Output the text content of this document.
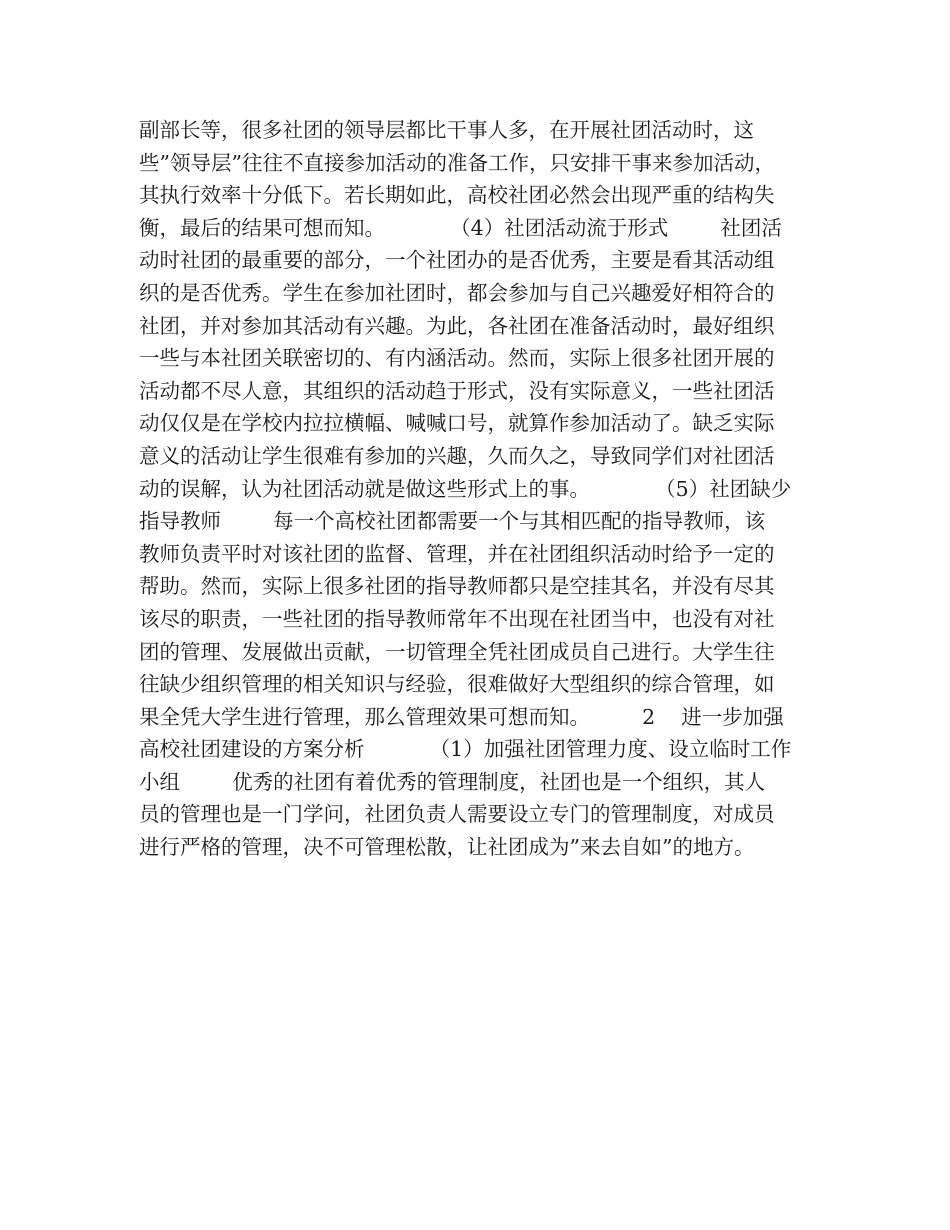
副部长等，很多社团的领导层都比干事人多，在开展社团活动时，这
些”领导层”往往不直接参加活动的准备工作，只安排干事来参加活动，
其执行效率十分低下。若长期如此，高校社团必然会出现严重的结构失
衡，最后的结果可想而知。          （4）社团活动流于形式        社团活
动时社团的最重要的部分，一个社团办的是否优秀，主要是看其活动组
织的是否优秀。学生在参加社团时，都会参加与自己兴趣爱好相符合的
社团，并对参加其活动有兴趣。为此，各社团在准备活动时，最好组织
一些与本社团关联密切的、有内涵活动。然而，实际上很多社团开展的
活动都不尽人意，其组织的活动趋于形式，没有实际意义，一些社团活
动仅仅是在学校内拉拉横幅、喊喊口号，就算作参加活动了。缺乏实际
意义的活动让学生很难有参加的兴趣，久而久之，导致同学们对社团活
动的误解，认为社团活动就是做这些形式上的事。          （5）社团缺少
指导教师        每一个高校社团都需要一个与其相匹配的指导教师，该
教师负责平时对该社团的监督、管理，并在社团组织活动时给予一定的
帮助。然而，实际上很多社团的指导教师都只是空挂其名，并没有尽其
该尽的职责，一些社团的指导教师常年不出现在社团当中，也没有对社
团的管理、发展做出贡献，一切管理全凭社团成员自己进行。大学生往
往缺少组织管理的相关知识与经验，很难做好大型组织的综合管理，如
果全凭大学生进行管理，那么管理效果可想而知。        2    进一步加强
高校社团建设的方案分析          （1）加强社团管理力度、设立临时工作
小组        优秀的社团有着优秀的管理制度，社团也是一个组织，其人
员的管理也是一门学问，社团负责人需要设立专门的管理制度，对成员
进行严格的管理，决不可管理松散，让社团成为”来去自如”的地方。
